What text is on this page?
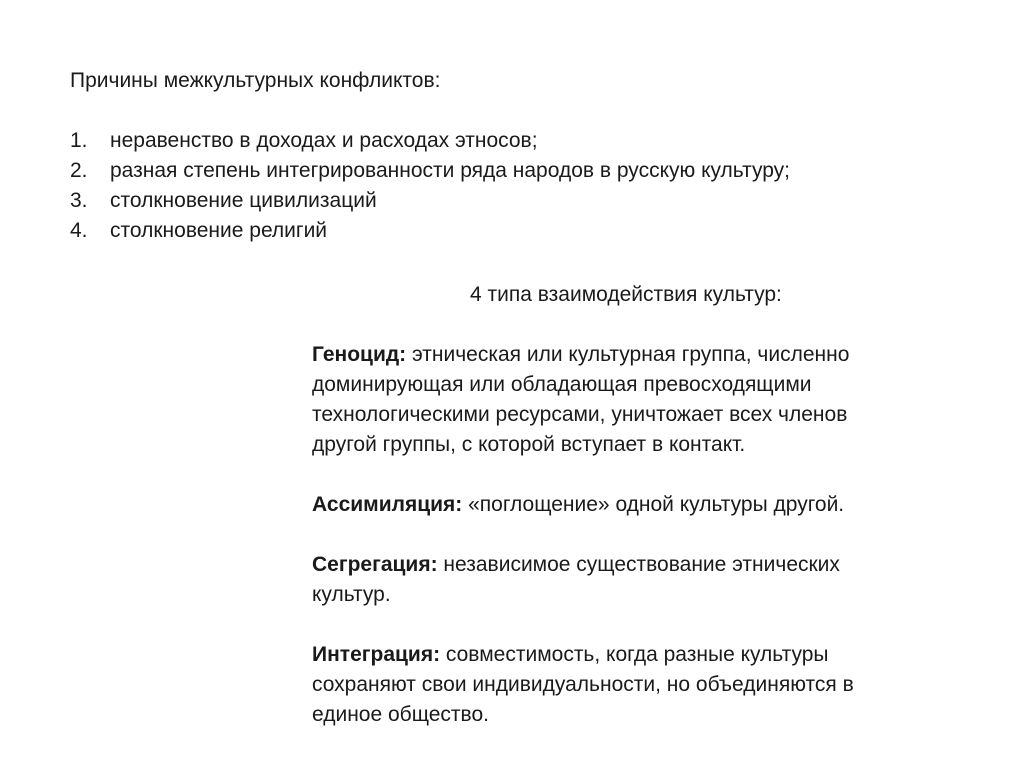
Причины межкультурных конфликтов:
1.	неравенство в доходах и расходах этносов;
2.	разная степень интегрированности ряда народов в русскую культуру;
3.	столкновение цивилизаций
4.	столкновение религий
4 типа взаимодействия культур:
Геноцид: этническая или культурная группа, численно
доминирующая или обладающая превосходящими
технологическими ресурсами, уничтожает всех членов
другой группы, с которой вступает в контакт.
Ассимиляция: «поглощение» одной культуры другой.
Сегрегация: независимое существование этнических
культур.
Интеграция: совместимость, когда разные культуры
сохраняют свои индивидуальности, но объединяются в
единое общество.
